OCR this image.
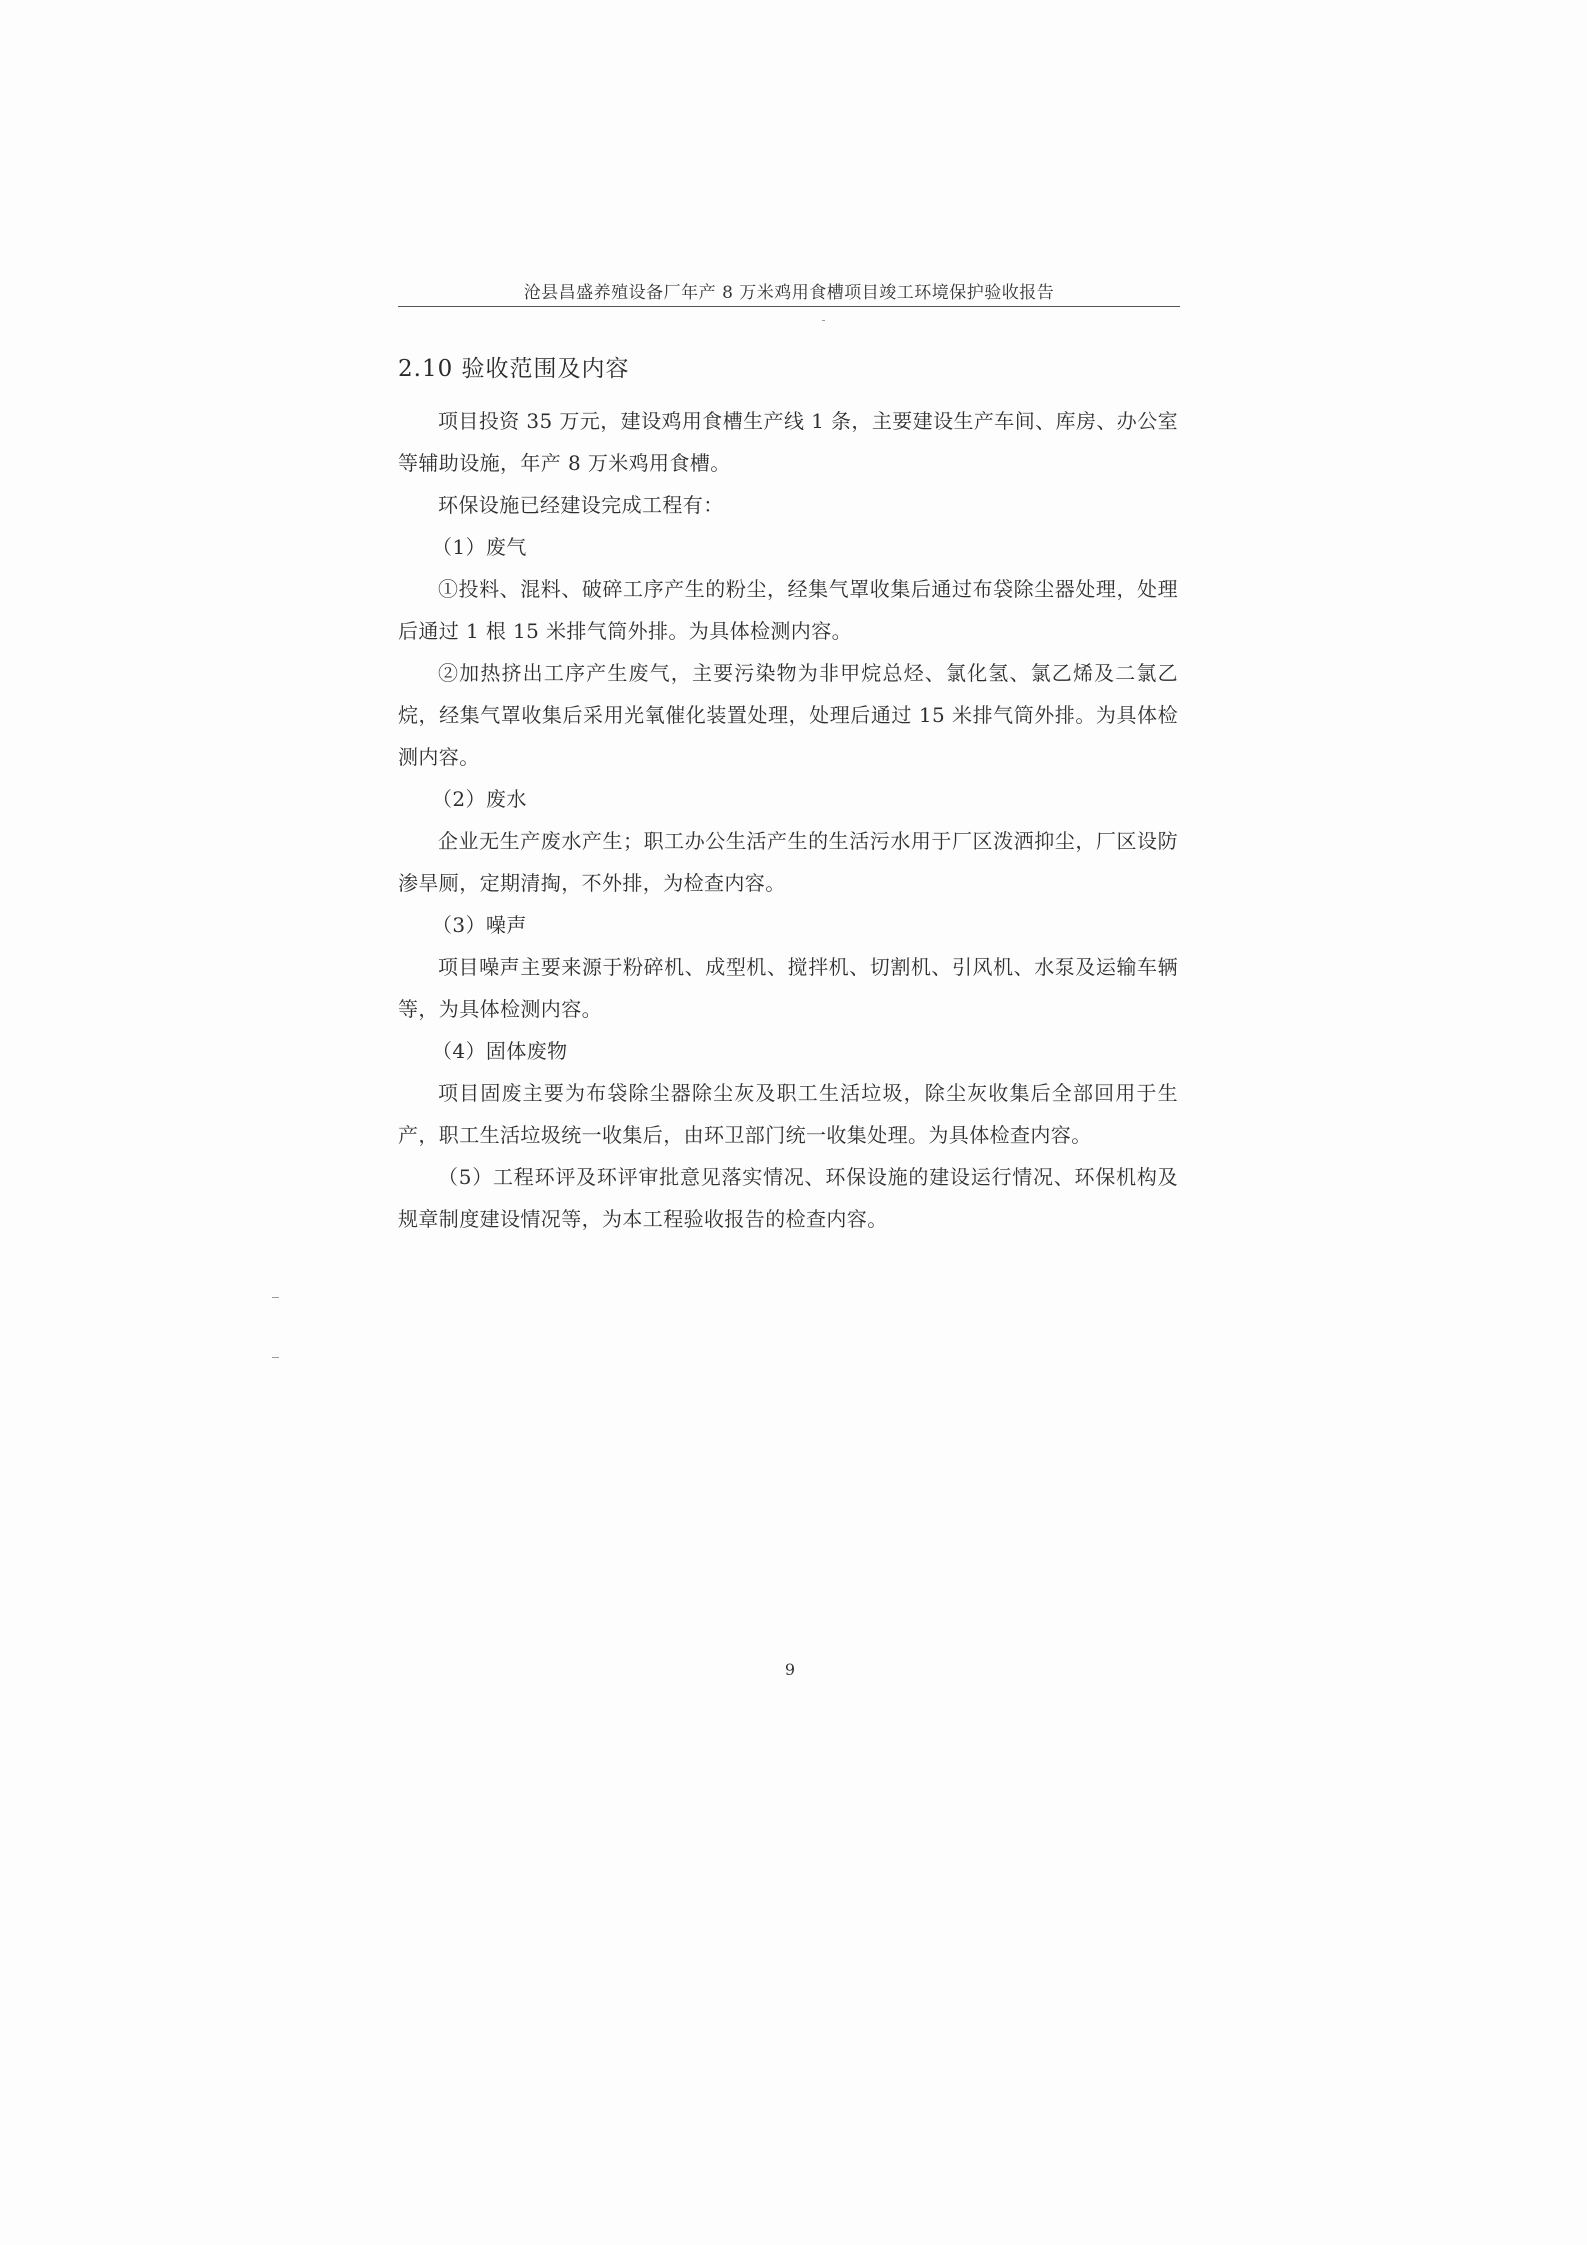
沧县昌盛养殖设备厂年产 8 万米鸡用食槽项目竣工环境保护验收报告
2.10 验收范围及内容

项目投资 35 万元，建设鸡用食槽生产线 1 条，主要建设生产车间、库房、办公室等辅助设施，年产 8 万米鸡用食槽。

环保设施已经建设完成工程有：

（1）废气

①投料、混料、破碎工序产生的粉尘，经集气罩收集后通过布袋除尘器处理，处理后通过 1 根 15 米排气筒外排。为具体检测内容。

②加热挤出工序产生废气，主要污染物为非甲烷总烃、氯化氢、氯乙烯及二氯乙烷，经集气罩收集后采用光氧催化装置处理，处理后通过 15 米排气筒外排。为具体检测内容。

（2）废水

企业无生产废水产生；职工办公生活产生的生活污水用于厂区泼洒抑尘，厂区设防渗旱厕，定期清掏，不外排，为检查内容。

（3）噪声

项目噪声主要来源于粉碎机、成型机、搅拌机、切割机、引风机、水泵及运输车辆等，为具体检测内容。

（4）固体废物

项目固废主要为布袋除尘器除尘灰及职工生活垃圾，除尘灰收集后全部回用于生产，职工生活垃圾统一收集后，由环卫部门统一收集处理。为具体检查内容。

（5）工程环评及环评审批意见落实情况、环保设施的建设运行情况、环保机构及规章制度建设情况等，为本工程验收报告的检查内容。

9
